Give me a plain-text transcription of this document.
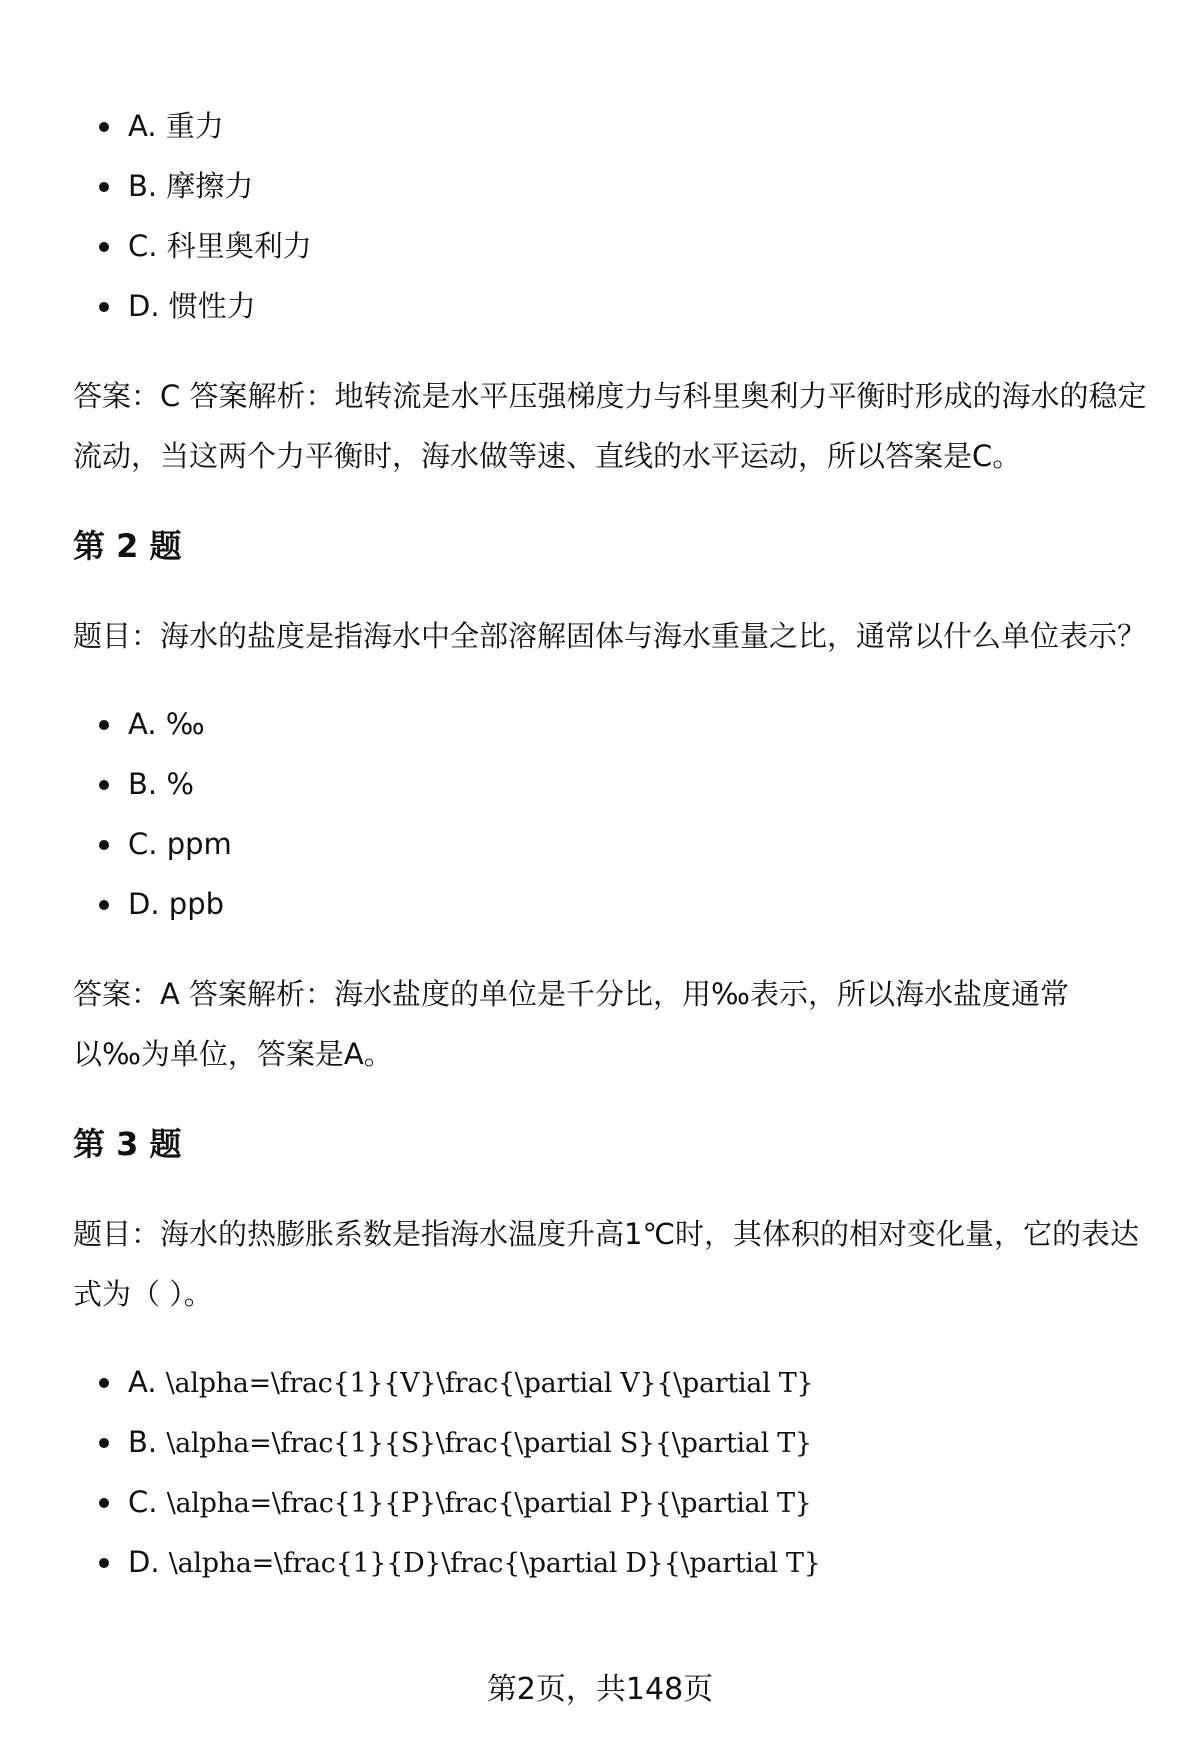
A. 重力
B. 摩擦力
C. 科里奥利力
D. 惯性力

答案：C 答案解析：地转流是水平压强梯度力与科里奥利力平衡时形成的海水的稳定流动，当这两个力平衡时，海水做等速、直线的水平运动，所以答案是C。

第 2 题

题目：海水的盐度是指海水中全部溶解固体与海水重量之比，通常以什么单位表示？

A. ‰
B. %
C. ppm
D. ppb

答案：A 答案解析：海水盐度的单位是千分比，用‰表示，所以海水盐度通常

以‰为单位，答案是A。

第 3 题

题目：海水的热膨胀系数是指海水温度升高1℃时，其体积的相对变化量，它的表达式为（ ）。

A. \alpha=\frac{1}{V}\frac{\partial V}{\partial T}
B. \alpha=\frac{1}{S}\frac{\partial S}{\partial T}
C. \alpha=\frac{1}{P}\frac{\partial P}{\partial T}
D. \alpha=\frac{1}{D}\frac{\partial D}{\partial T}
第2页，共148页
